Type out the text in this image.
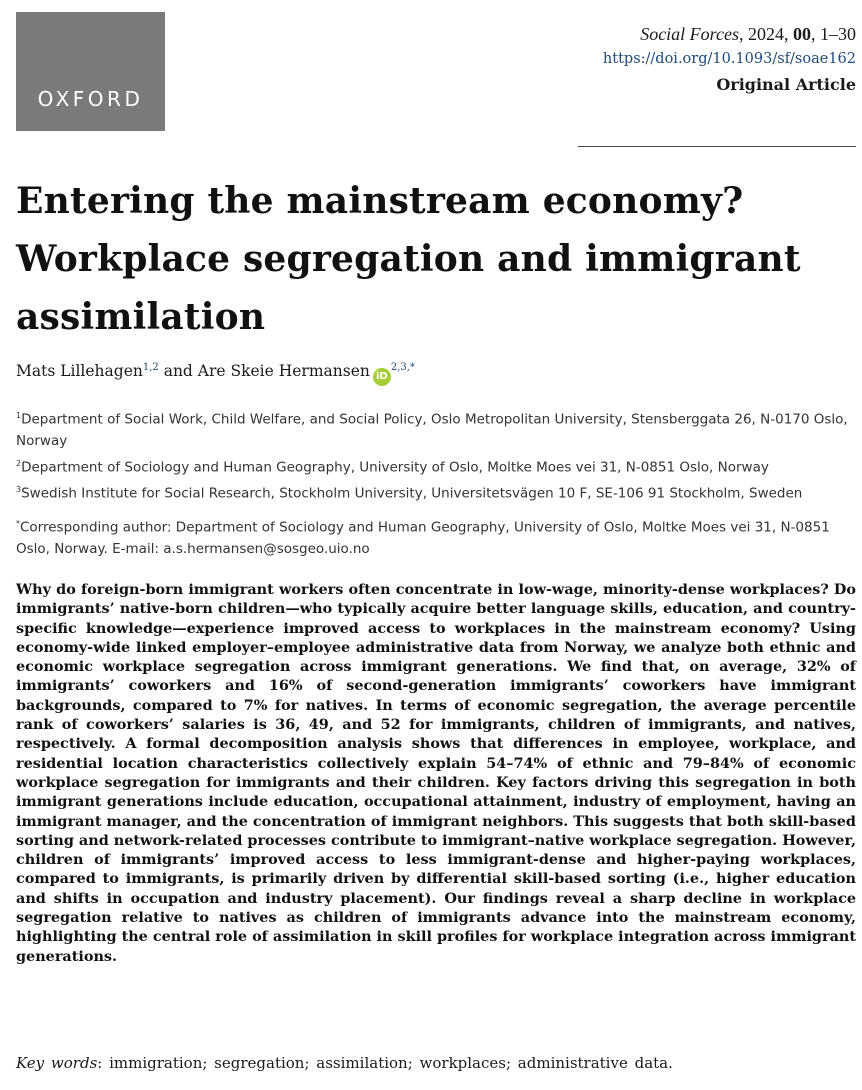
OXFORD
Social Forces, 2024, 00, 1–30
https://doi.org/10.1093/sf/soae162
Original Article
Entering the mainstream economy? Workplace segregation and immigrant assimilation
Mats Lillehagen$^{1,2}$ and Are Skeie Hermansen $iD^{2,3,*}$

$^1$Department of Social Work, Child Welfare, and Social Policy, Oslo Metropolitan University, Stensberggata 26, N-0170 Oslo, Norway

$^2$Department of Sociology and Human Geography, University of Oslo, Moltke Moes vei 31, N-0851 Oslo, Norway

$^3$Swedish Institute for Social Research, Stockholm University, Universitetsvägen 10 F, SE-106 91 Stockholm, Sweden

*Corresponding author: Department of Sociology and Human Geography, University of Oslo, Moltke Moes vei 31, N-0851 Oslo, Norway. E-mail: a.s.hermansen@sosgeo.uio.no

Why do foreign-born immigrant workers often concentrate in low-wage, minority-dense workplaces? Do immigrants’ native-born children—who typically acquire better language skills, education, and country-specific knowledge—experience improved access to workplaces in the mainstream economy? Using economy-wide linked employer–employee administrative data from Norway, we analyze both ethnic and economic workplace segregation across immigrant generations. We find that, on average, 32% of immigrants’ coworkers and 16% of second-generation immigrants’ coworkers have immigrant backgrounds, compared to 7% for natives. In terms of economic segregation, the average percentile rank of coworkers’ salaries is 36, 49, and 52 for immigrants, children of immigrants, and natives, respectively. A formal decomposition analysis shows that differences in employee, workplace, and residential location characteristics collectively explain 54–74% of ethnic and 79–84% of economic workplace segregation for immigrants and their children. Key factors driving this segregation in both immigrant generations include education, occupational attainment, industry of employment, having an immigrant manager, and the concentration of immigrant neighbors. This suggests that both skill-based sorting and network-related processes contribute to immigrant–native workplace segregation. However, children of immigrants’ improved access to less immigrant-dense and higher-paying workplaces, compared to immigrants, is primarily driven by differential skill-based sorting (i.e., higher education and shifts in occupation and industry placement). Our findings reveal a sharp decline in workplace segregation relative to natives as children of immigrants advance into the mainstream economy, highlighting the central role of assimilation in skill profiles for workplace integration across immigrant generations.

Key words: immigration; segregation; assimilation; workplaces; administrative data.
